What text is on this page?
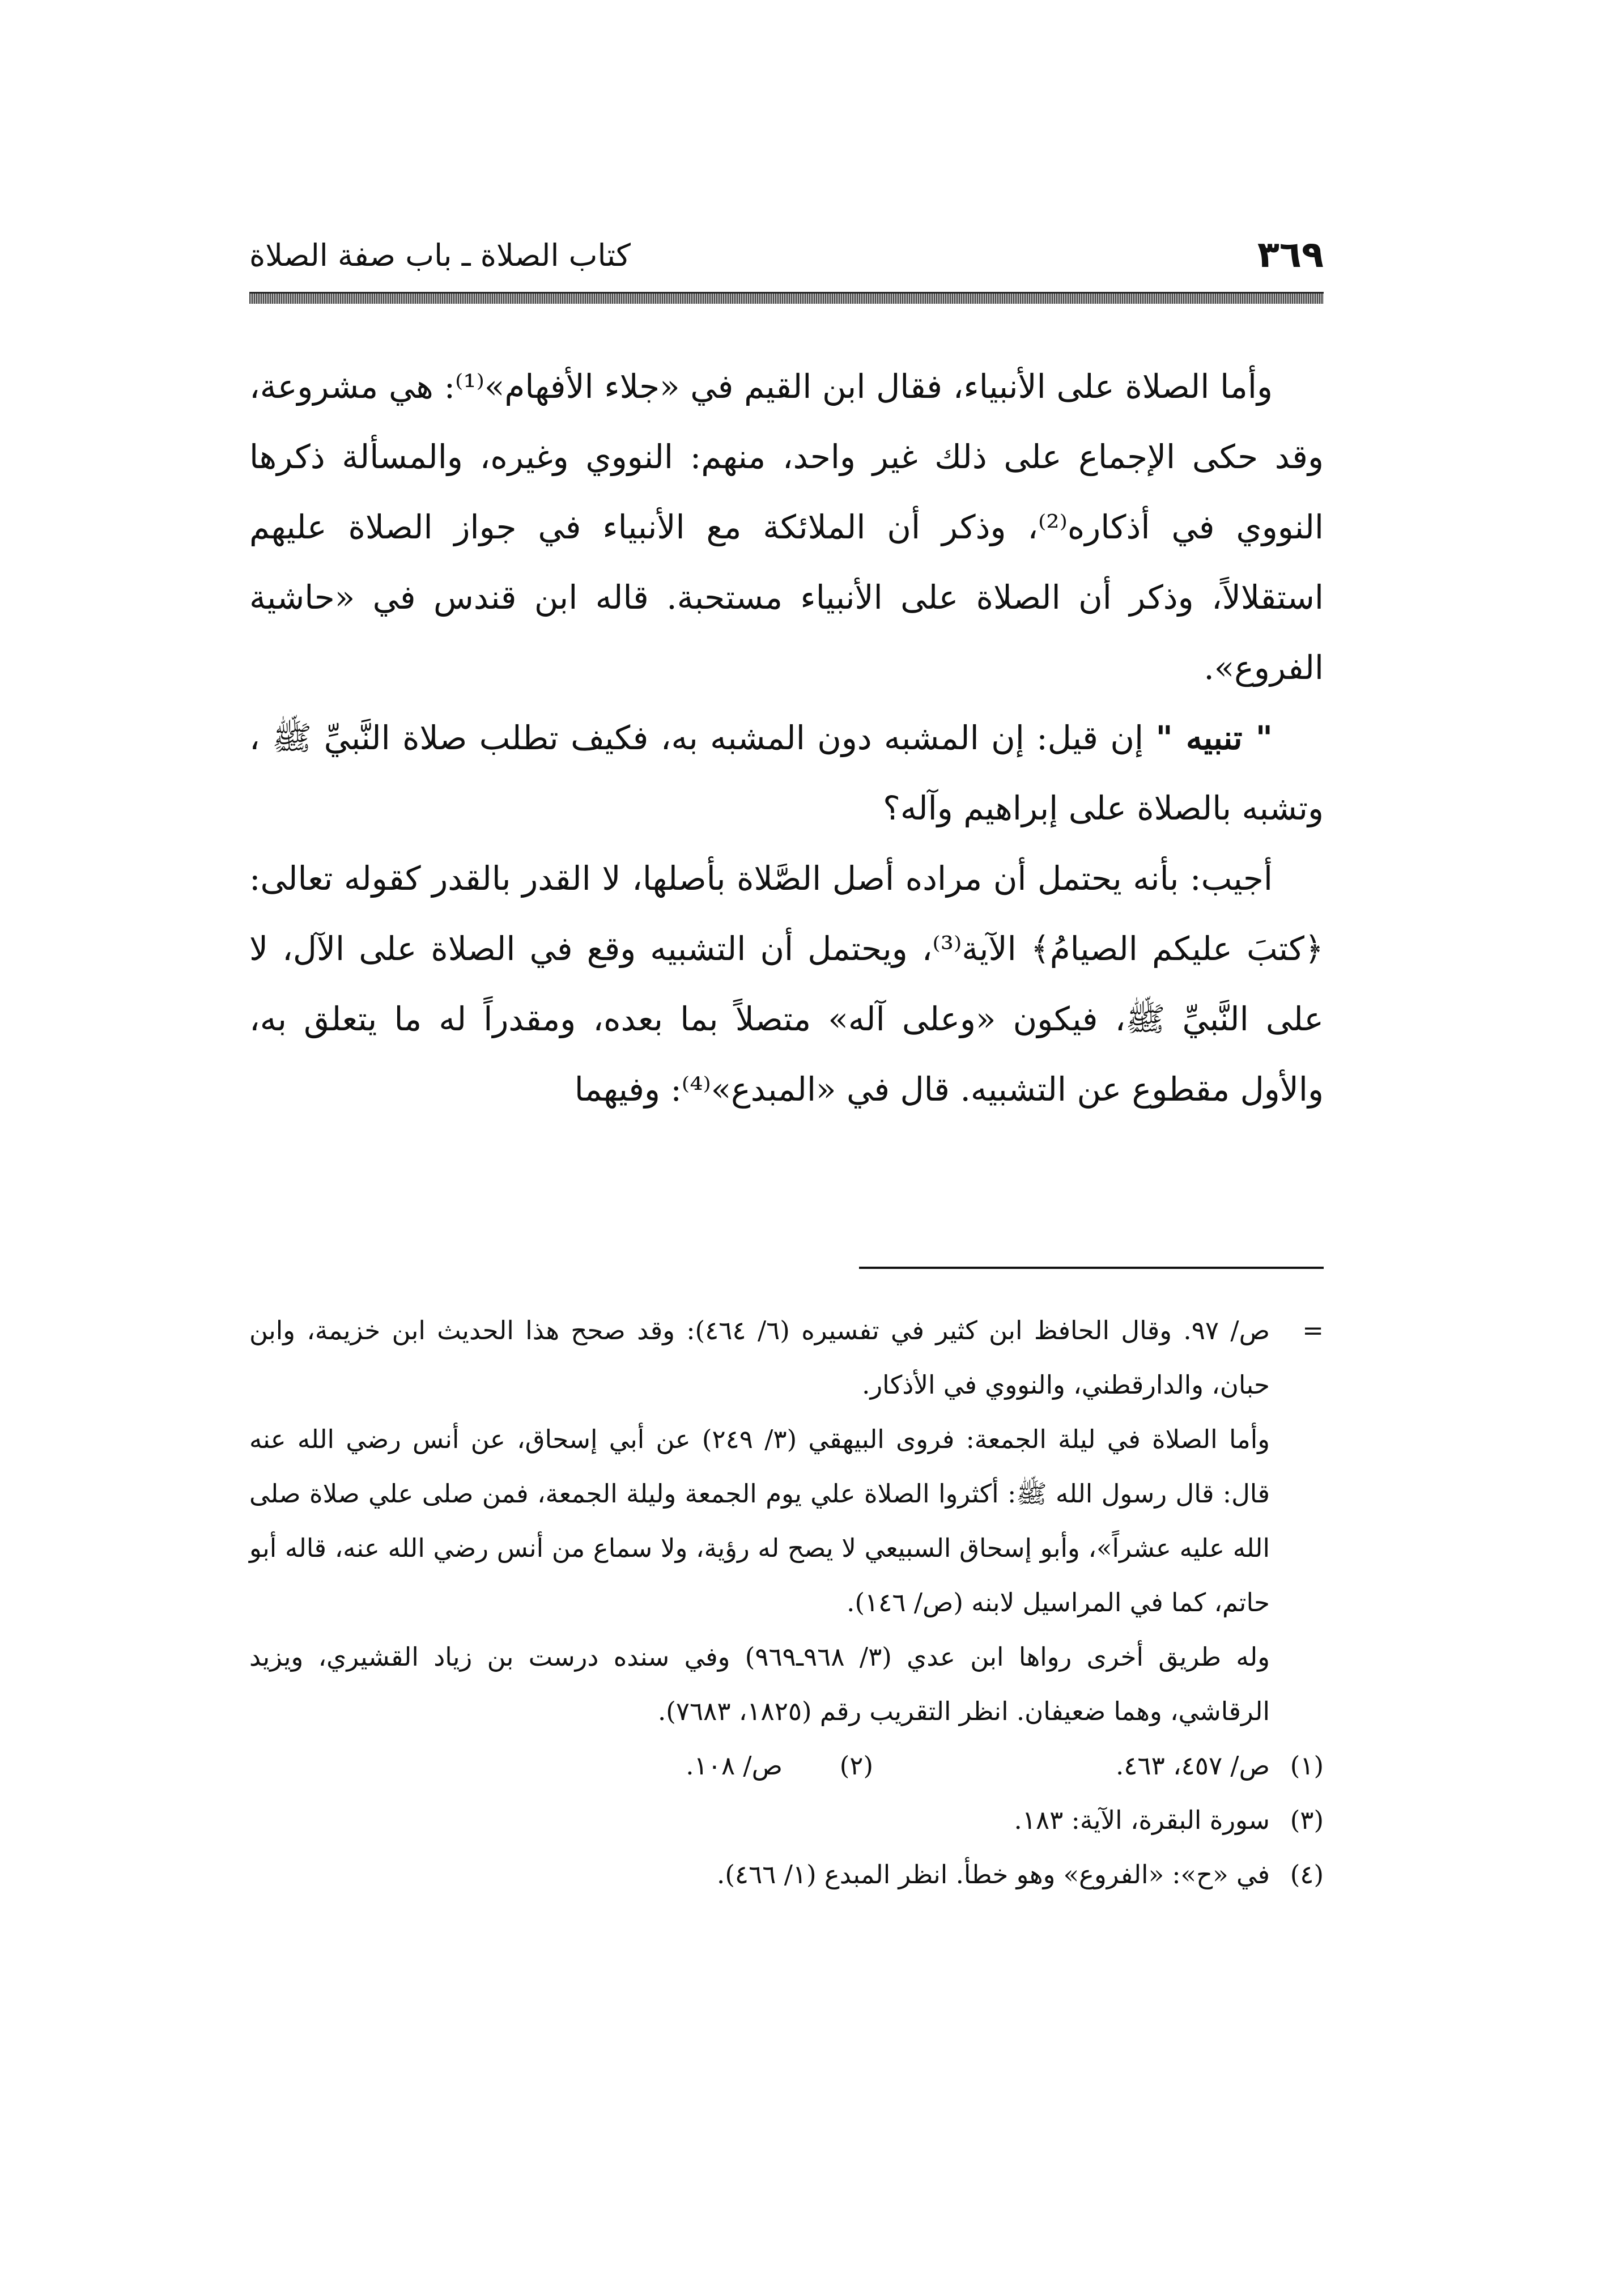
٣٦٩
كتاب الصلاة ـ باب صفة الصلاة

وأما الصلاة على الأنبياء، فقال ابن القيم في «جلاء الأفهام»⁽¹⁾: هي مشروعة، وقد حكى الإجماع على ذلك غير واحد، منهم: النووي وغيره، والمسألة ذكرها النووي في أذكاره⁽²⁾، وذكر أن الملائكة مع الأنبياء في جواز الصلاة عليهم استقلالاً، وذكر أن الصلاة على الأنبياء مستحبة. قاله ابن قندس في «حاشية الفروع».

" تنبيه " إن قيل: إن المشبه دون المشبه به، فكيف تطلب صلاة النَّبيِّ ﷺ ، وتشبه بالصلاة على إبراهيم وآله؟

أجيب: بأنه يحتمل أن مراده أصل الصَّلاة بأصلها، لا القدر بالقدر كقوله تعالى: ﴿كتبَ عليكم الصيامُ﴾ الآية⁽³⁾، ويحتمل أن التشبيه وقع في الصلاة على الآل، لا على النَّبيِّ ﷺ، فيكون «وعلى آله» متصلاً بما بعده، ومقدراً له ما يتعلق به، والأول مقطوع عن التشبيه. قال في «المبدع»⁽⁴⁾: وفيهما

=
ص/ ٩٧. وقال الحافظ ابن كثير في تفسيره (٦/ ٤٦٤): وقد صحح هذا الحديث ابن خزيمة، وابن حبان، والدارقطني، والنووي في الأذكار.

وأما الصلاة في ليلة الجمعة: فروى البيهقي (٣/ ٢٤٩) عن أبي إسحاق، عن أنس رضي الله عنه قال: قال رسول الله ﷺ: أكثروا الصلاة علي يوم الجمعة وليلة الجمعة، فمن صلى علي صلاة صلى الله عليه عشراً»، وأبو إسحاق السبيعي لا يصح له رؤية، ولا سماع من أنس رضي الله عنه، قاله أبو حاتم، كما في المراسيل لابنه (ص/ ١٤٦).

وله طريق أخرى رواها ابن عدي (٣/ ٩٦٨ـ٩٦٩) وفي سنده درست بن زياد القشيري، ويزيد الرقاشي، وهما ضعيفان. انظر التقريب رقم (١٨٢٥، ٧٦٨٣).

(١)
ص/ ٤٥٧، ٤٦٣.
(٢)
ص/ ١٠٨.

(٣)
سورة البقرة، الآية: ١٨٣.

(٤)
في «ح»: «الفروع» وهو خطأ. انظر المبدع (١/ ٤٦٦).
